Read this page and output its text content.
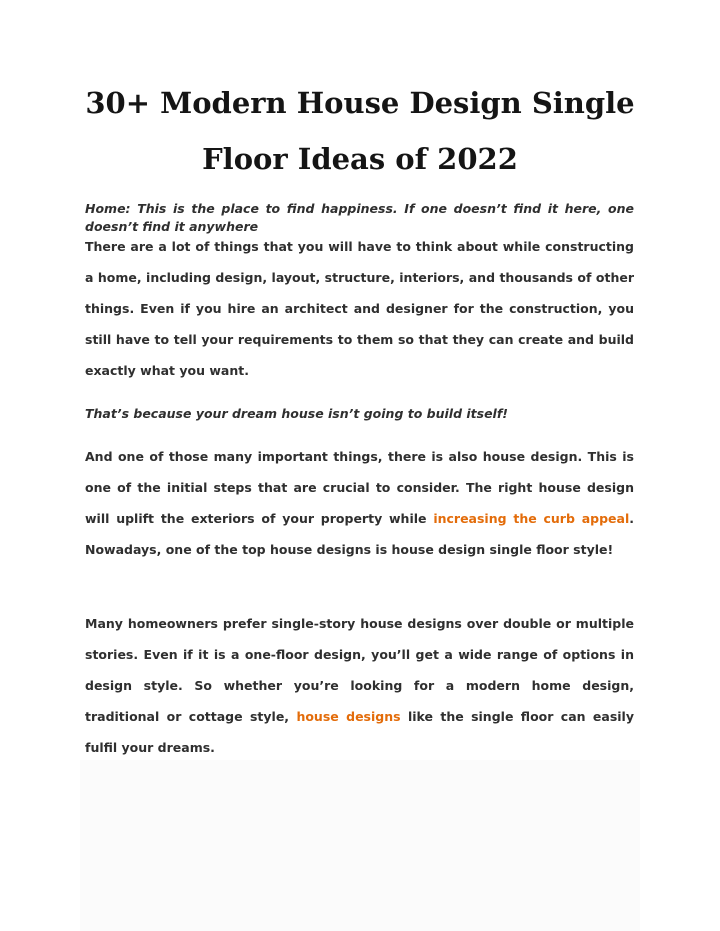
30+ Modern House Design Single
Floor Ideas of 2022

Home: This is the place to find happiness. If one doesn’t find it here, one doesn’t find it anywhere

There are a lot of things that you will have to think about while constructing a home, including design, layout, structure, interiors, and thousands of other things. Even if you hire an architect and designer for the construction, you still have to tell your requirements to them so that they can create and build exactly what you want.

That’s because your dream house isn’t going to build itself!

And one of those many important things, there is also house design. This is one of the initial steps that are crucial to consider. The right house design will uplift the exteriors of your property while increasing the curb appeal. Nowadays, one of the top house designs is house design single floor style!

Many homeowners prefer single-story house designs over double or multiple stories. Even if it is a one-floor design, you’ll get a wide range of options in design style. So whether you’re looking for a modern home design, traditional or cottage style, house designs like the single floor can easily fulfil your dreams.
